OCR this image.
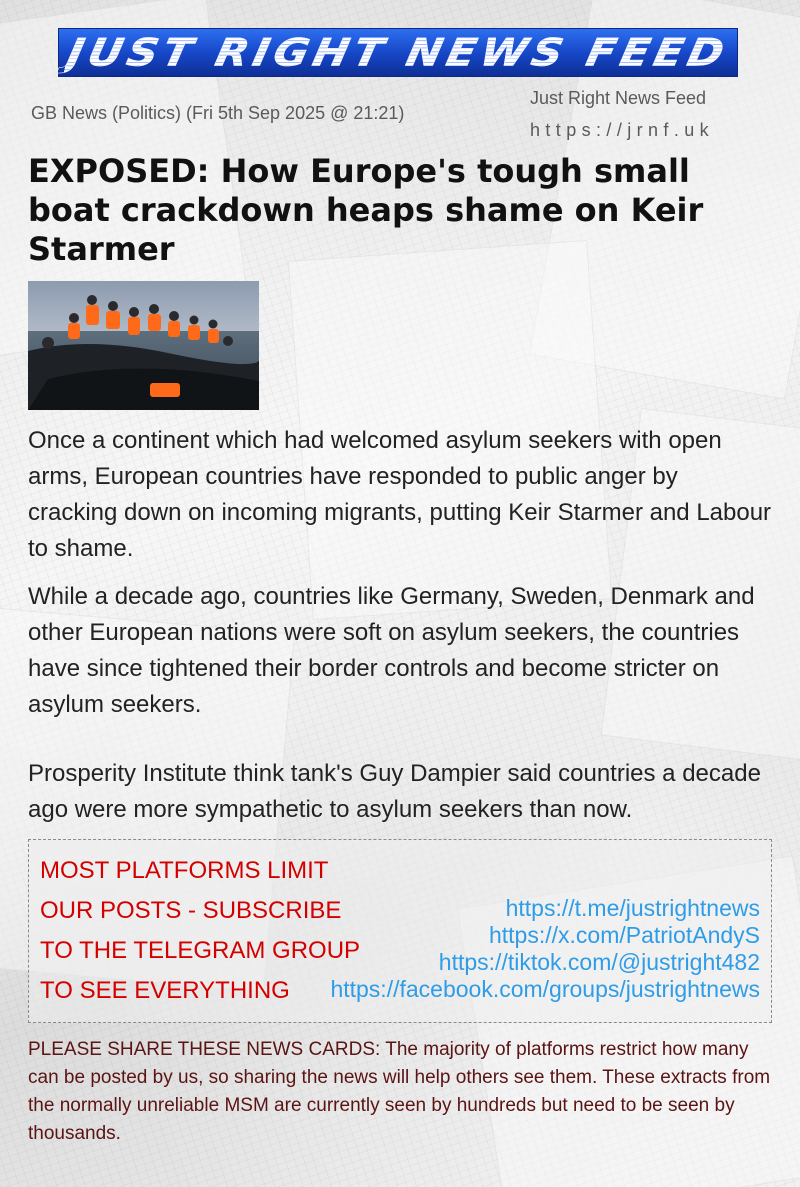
JUST RIGHT NEWS FEED
GB News (Politics) (Fri 5th Sep 2025 @ 21:21)
Just Right News Feed
https://jrnf.uk
EXPOSED: How Europe's tough small boat crackdown heaps shame on Keir Starmer

Once a continent which had welcomed asylum seekers with open arms, European countries have responded to public anger by cracking down on incoming migrants, putting Keir Starmer and Labour to shame.

While a decade ago, countries like Germany, Sweden, Denmark and other European nations were soft on asylum seekers, the countries have since tightened their border controls and become stricter on asylum seekers.

Prosperity Institute think tank's Guy Dampier said countries a decade ago were more sympathetic to asylum seekers than now.

MOST PLATFORMS LIMIT
OUR POSTS - SUBSCRIBE
TO THE TELEGRAM GROUP
TO SEE EVERYTHING
https://t.me/justrightnews
https://x.com/PatriotAndyS
https://tiktok.com/@justright482
https://facebook.com/groups/justrightnews

PLEASE SHARE THESE NEWS CARDS: The majority of platforms restrict how many can be posted by us, so sharing the news will help others see them. These extracts from the normally unreliable MSM are currently seen by hundreds but need to be seen by thousands.
